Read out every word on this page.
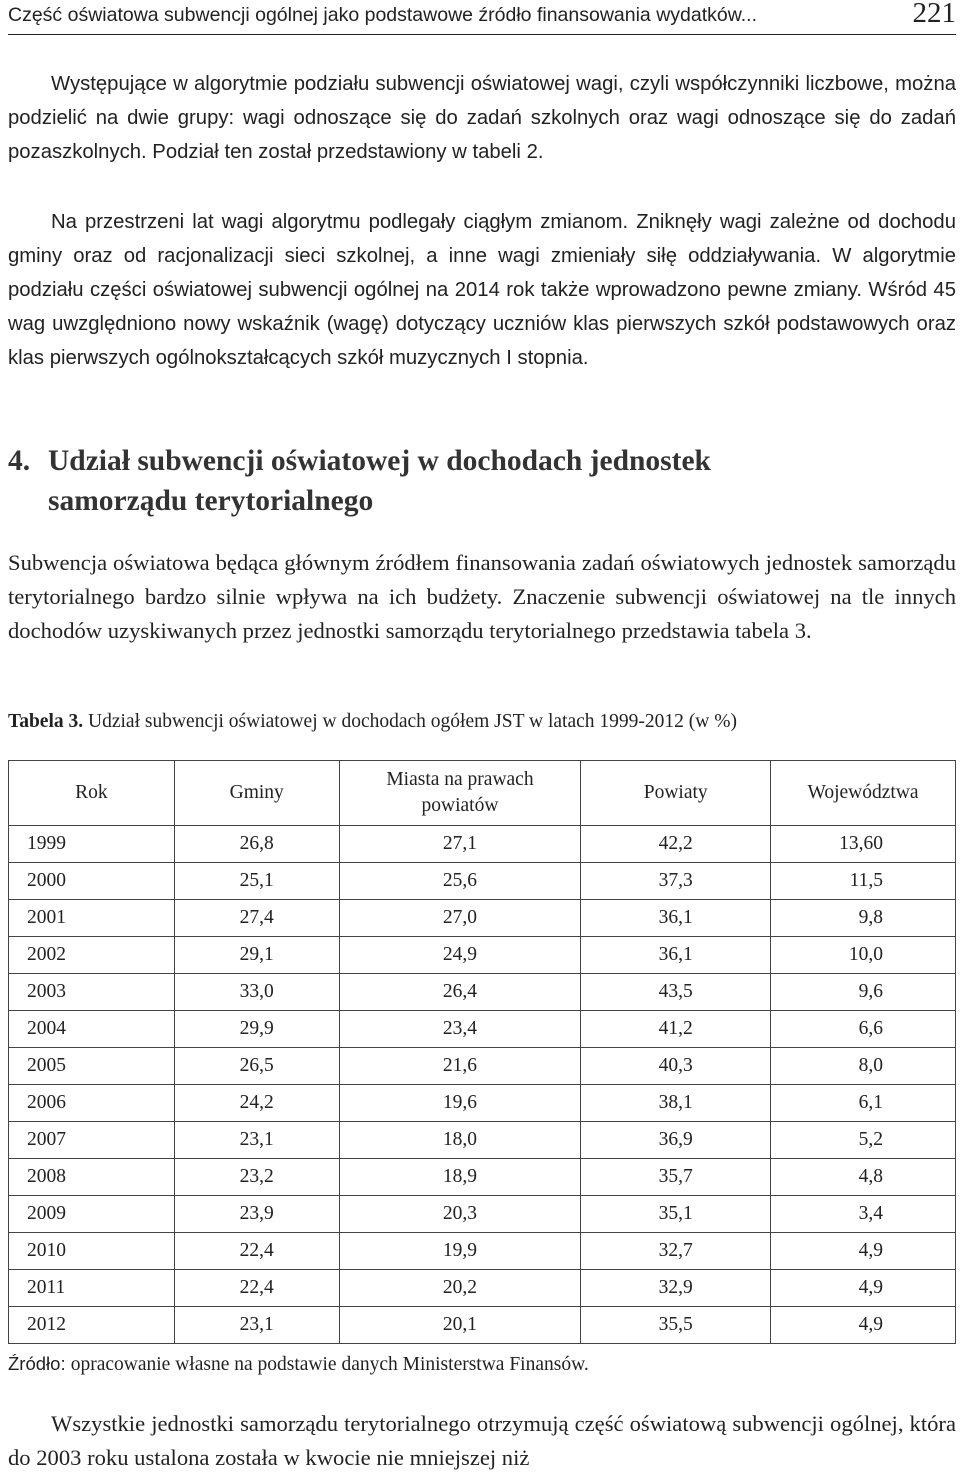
Część oświatowa subwencji ogólnej jako podstawowe źródło finansowania wydatków...	221

Występujące w algorytmie podziału subwencji oświatowej wagi, czyli współczynniki liczbowe, można podzielić na dwie grupy: wagi odnoszące się do zadań szkolnych oraz wagi odnoszące się do zadań pozaszkolnych. Podział ten został przedstawiony w tabeli 2.

Na przestrzeni lat wagi algorytmu podlegały ciągłym zmianom. Zniknęły wagi zależne od dochodu gminy oraz od racjonalizacji sieci szkolnej, a inne wagi zmieniały siłę oddziaływania. W algorytmie podziału części oświatowej subwencji ogólnej na 2014 rok także wprowadzono pewne zmiany. Wśród 45 wag uwzględniono nowy wskaźnik (wagę) dotyczący uczniów klas pierwszych szkół podstawowych oraz klas pierwszych ogólnokształcących szkół muzycznych I stopnia.

4. Udział subwencji oświatowej w dochodach jednostek
samorządu terytorialnego

Subwencja oświatowa będąca głównym źródłem finansowania zadań oświatowych jednostek samorządu terytorialnego bardzo silnie wpływa na ich budżety. Znaczenie subwencji oświatowej na tle innych dochodów uzyskiwanych przez jednostki samorządu terytorialnego przedstawia tabela 3.

Tabela 3. Udział subwencji oświatowej w dochodach ogółem JST w latach 1999-2012 (w %)

Rok	Gminy	Miasta na prawach powiatów	Powiaty	Województwa
1999	26,8	27,1	42,2	13,60
2000	25,1	25,6	37,3	11,5
2001	27,4	27,0	36,1	9,8
2002	29,1	24,9	36,1	10,0
2003	33,0	26,4	43,5	9,6
2004	29,9	23,4	41,2	6,6
2005	26,5	21,6	40,3	8,0
2006	24,2	19,6	38,1	6,1
2007	23,1	18,0	36,9	5,2
2008	23,2	18,9	35,7	4,8
2009	23,9	20,3	35,1	3,4
2010	22,4	19,9	32,7	4,9
2011	22,4	20,2	32,9	4,9
2012	23,1	20,1	35,5	4,9

Źródło: opracowanie własne na podstawie danych Ministerstwa Finansów.

Wszystkie jednostki samorządu terytorialnego otrzymują część oświatową subwencji ogólnej, która do 2003 roku ustalona została w kwocie nie mniejszej niż
